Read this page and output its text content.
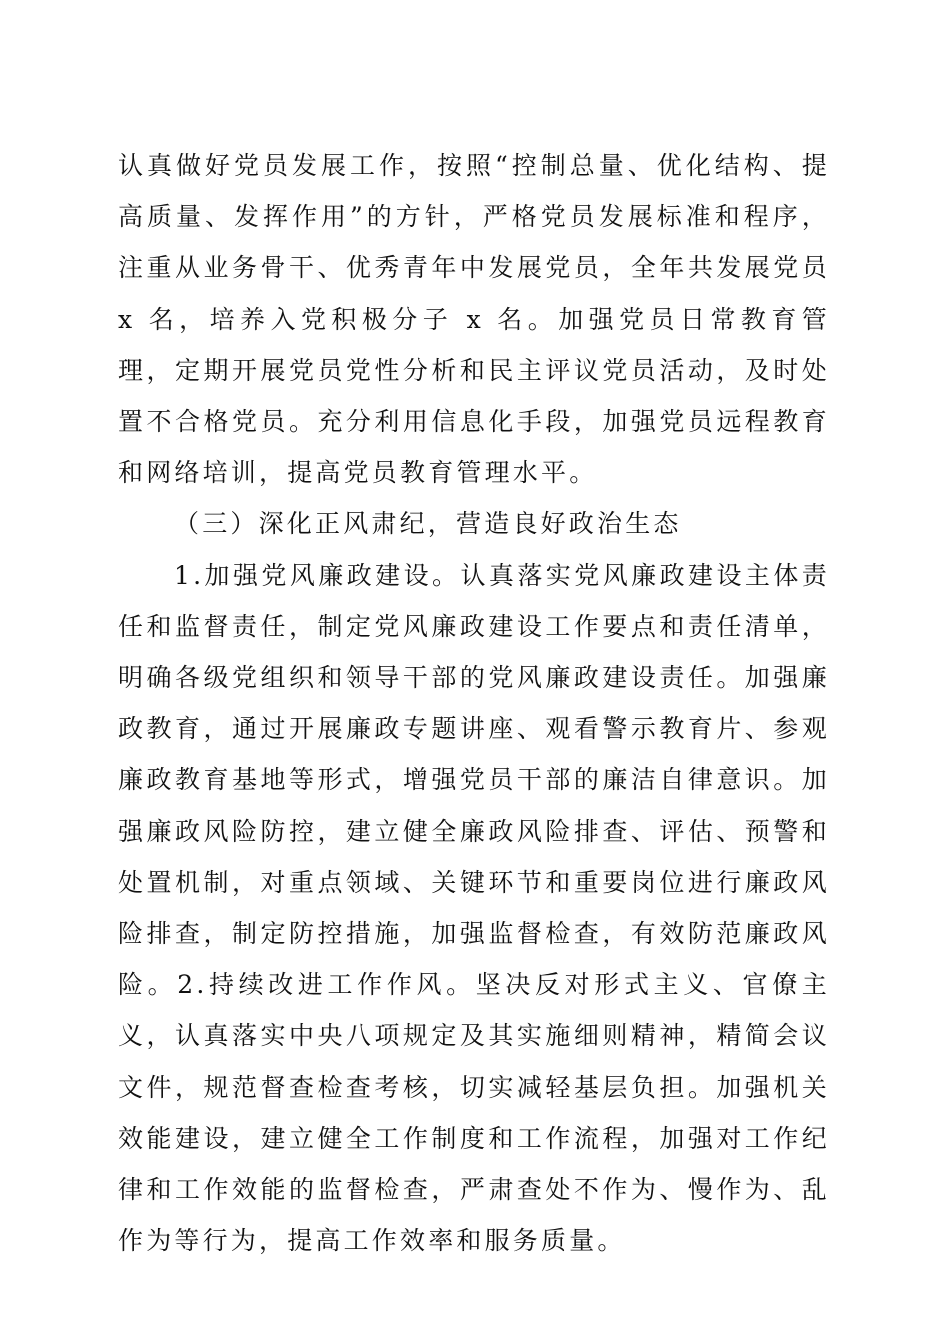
认真做好党员发展工作，按照“控制总量、优化结构、提高质量、发挥作用”的方针，严格党员发展标准和程序，注重从业务骨干、优秀青年中发展党员，全年共发展党员 x 名，培养入党积极分子 x 名。加强党员日常教育管理，定期开展党员党性分析和民主评议党员活动，及时处置不合格党员。充分利用信息化手段，加强党员远程教育和网络培训，提高党员教育管理水平。

（三）深化正风肃纪，营造良好政治生态

1.加强党风廉政建设。认真落实党风廉政建设主体责任和监督责任，制定党风廉政建设工作要点和责任清单，明确各级党组织和领导干部的党风廉政建设责任。加强廉政教育，通过开展廉政专题讲座、观看警示教育片、参观廉政教育基地等形式，增强党员干部的廉洁自律意识。加强廉政风险防控，建立健全廉政风险排查、评估、预警和处置机制，对重点领域、关键环节和重要岗位进行廉政风险排查，制定防控措施，加强监督检查，有效防范廉政风险。2.持续改进工作作风。坚决反对形式主义、官僚主义，认真落实中央八项规定及其实施细则精神，精简会议文件，规范督查检查考核，切实减轻基层负担。加强机关效能建设，建立健全工作制度和工作流程，加强对工作纪律和工作效能的监督检查，严肃查处不作为、慢作为、乱作为等行为，提高工作效率和服务质量。
